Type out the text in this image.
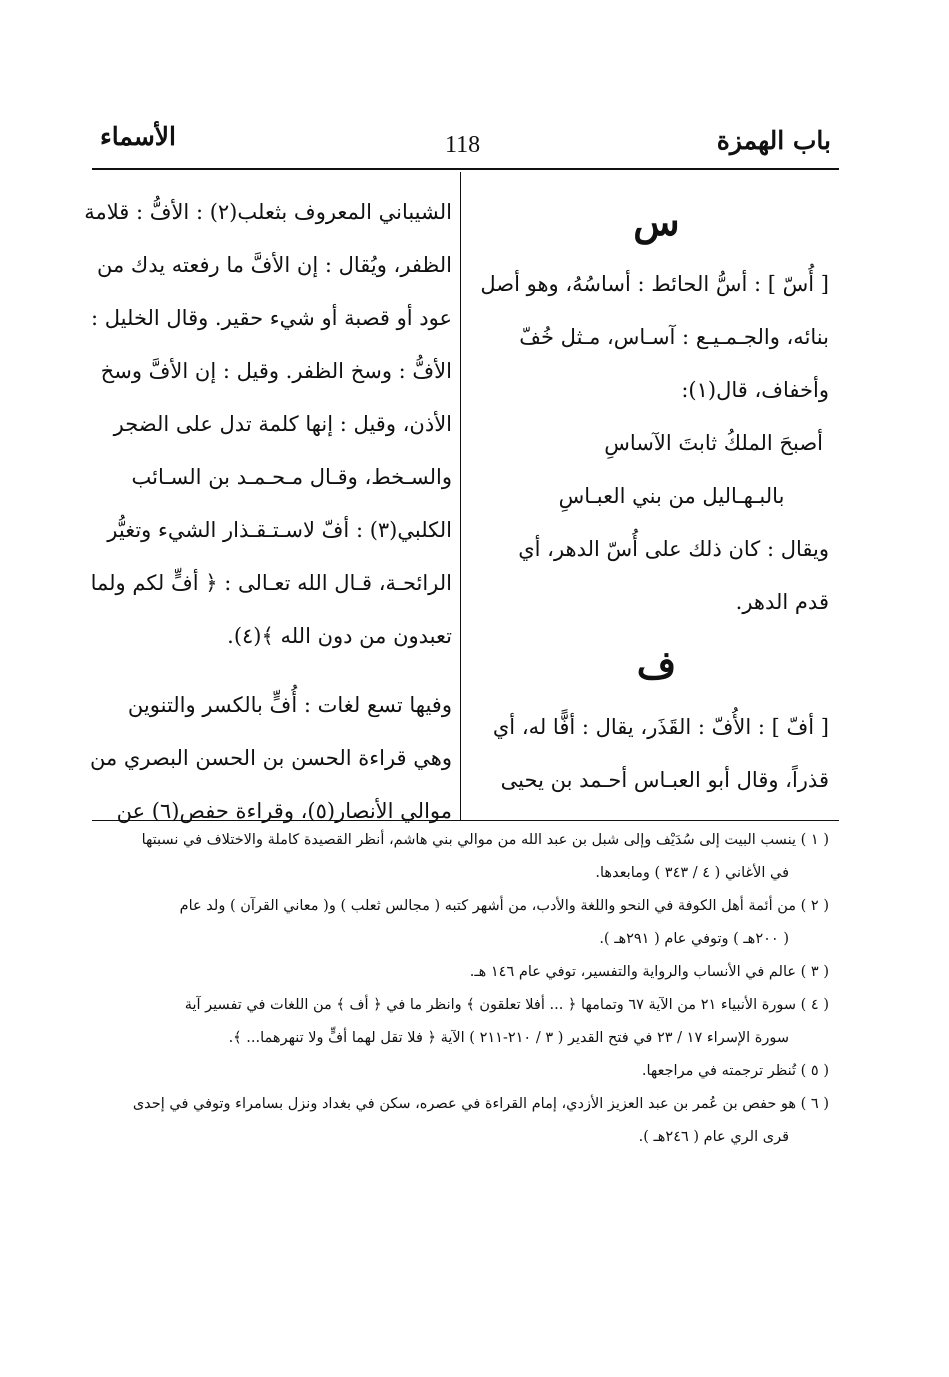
باب الهمزة
118
الأسماء
س
[ أُسّ ] : أسُّ الحائط : أساسُهُ، وهو أصل
بنائه، والجـمـيـع : آسـاس، مـثل خُفّ
وأخفاف، قال(١):
أصبحَ الملكُ ثابتَ الآساسِ
بالبـهـاليل من بني العبـاسِ
ويقال : كان ذلك على أُسّ الدهر، أي
قدم الدهر.
ف
[ أفّ ] : الأُفّ : القَذَر، يقال : أفًّا له، أي
قذراً، وقال أبو العبـاس أحـمد بن يحيى
الشيباني المعروف بثعلب(٢) : الأفُّ : قلامة
الظفر، ويُقال : إن الأفَّ ما رفعته يدك من
عود أو قصبة أو شيء حقير. وقال الخليل :
الأفُّ : وسخ الظفر. وقيل : إن الأفَّ وسخ
الأذن، وقيل : إنها كلمة تدل على الضجر
والسـخط، وقـال مـحـمـد بن السـائب
الكلبي(٣) : أفّ لاسـتـقـذار الشيء وتغيُّر
الرائحـة، قـال الله تعـالى : ﴿ أفٍّ لكم ولما
تعبدون من دون الله ﴾(٤).
وفيها تسع لغات : أُفٍّ بالكسر والتنوين
وهي قراءة الحسن بن الحسن البصري من
موالي الأنصار(٥)، وقراءة حفص(٦) عن
( ١ ) ينسب البيت إلى سُدَيْف وإلى شبل بن عبد الله من موالي بني هاشم، أنظر القصيدة كاملة والاختلاف في نسبتها
في الأغاني ( ٤ / ٣٤٣ ) ومابعدها.
( ٢ ) من أئمة أهل الكوفة في النحو واللغة والأدب، من أشهر كتبه ( مجالس ثعلب ) و( معاني القرآن ) ولد عام
( ٢٠٠هـ ) وتوفي عام ( ٢٩١هـ ).
( ٣ ) عالم في الأنساب والرواية والتفسير، توفي عام ١٤٦ هـ.
( ٤ ) سورة الأنبياء ٢١ من الآية ٦٧ وتمامها ﴿ ... أفلا تعلقون ﴾ وانظر ما في ﴿ أف ﴾ من اللغات في تفسير آية
سورة الإسراء ١٧ / ٢٣ في فتح القدير ( ٣ / ٢١٠-٢١١ ) الآية ﴿ فلا تقل لهما أفٍّ ولا تنهرهما... ﴾.
( ٥ ) تُنظر ترجمته في مراجعها.
( ٦ ) هو حفص بن عُمر بن عبد العزيز الأزدي، إمام القراءة في عصره، سكن في بغداد ونزل بسامراء وتوفي في إحدى
قرى الري عام ( ٢٤٦هـ ).
